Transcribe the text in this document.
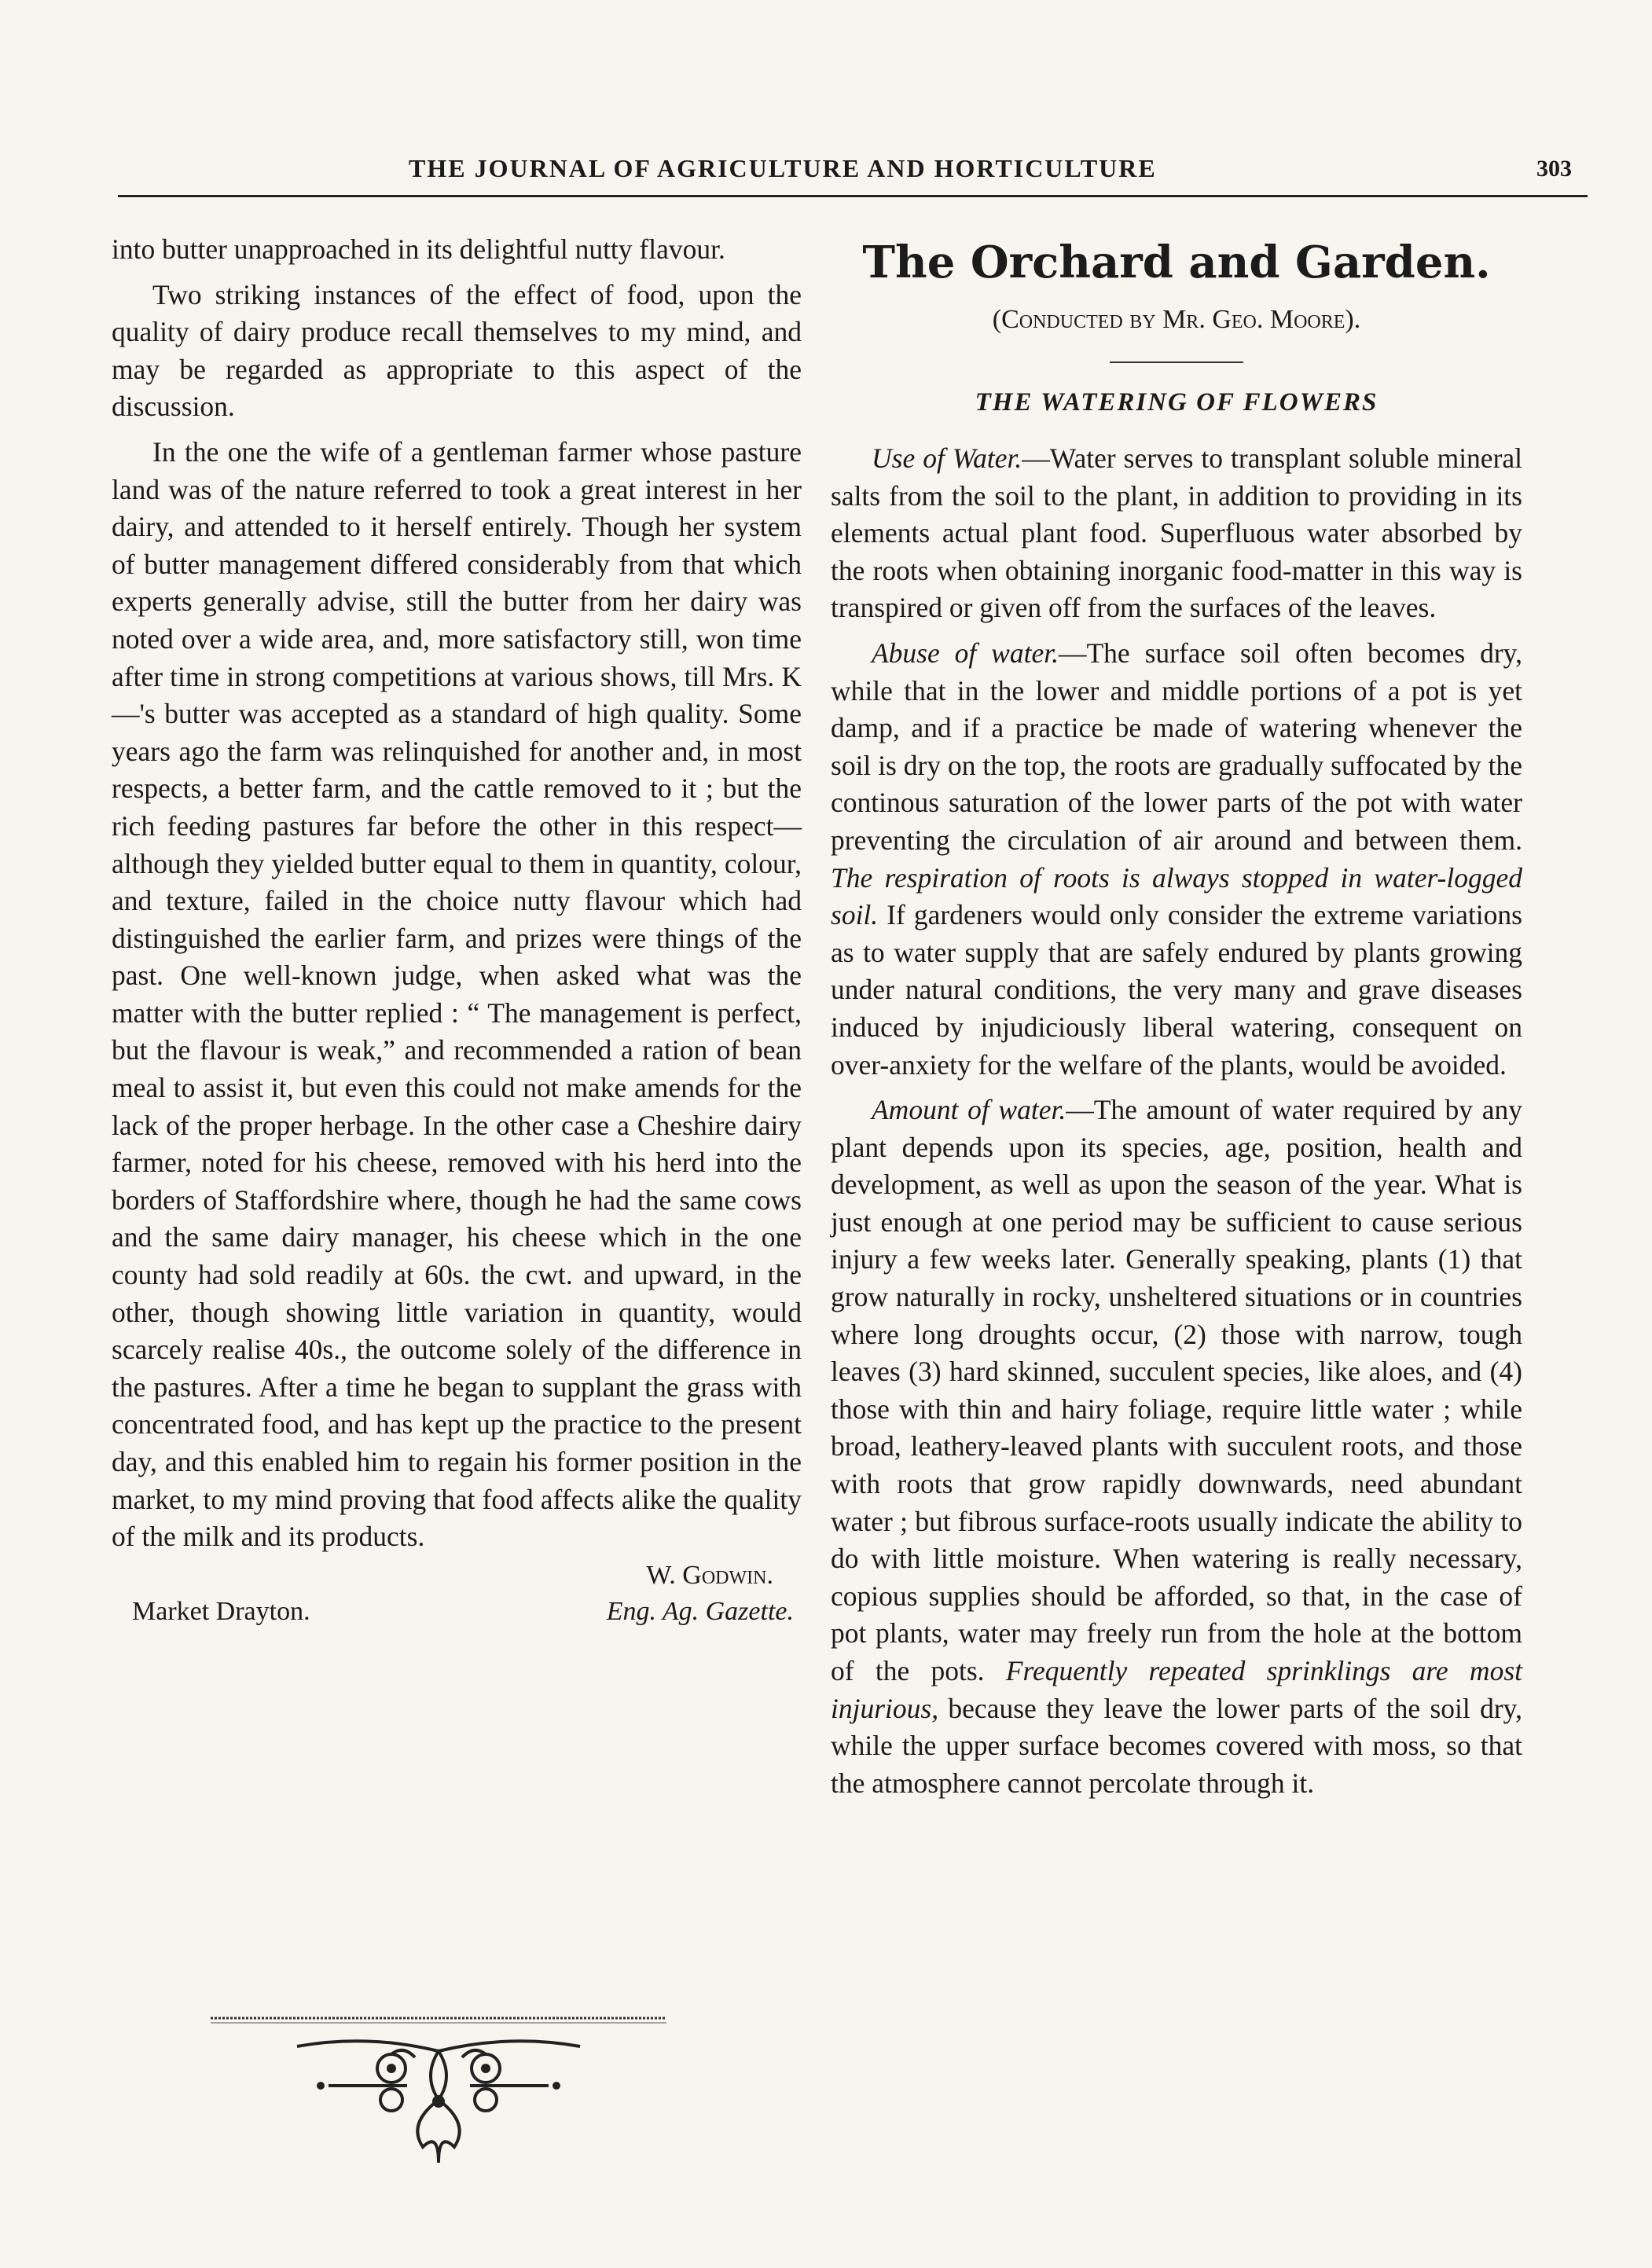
THE JOURNAL OF AGRICULTURE AND HORTICULTURE	303

into butter unapproached in its delightful nutty flavour.

Two striking instances of the effect of food, upon the quality of dairy produce recall themselves to my mind, and may be regarded as appropriate to this aspect of the discussion.

In the one the wife of a gentleman farmer whose pasture land was of the nature referred to took a great interest in her dairy, and attended to it herself entirely. Though her system of butter management differed considerably from that which experts generally advise, still the butter from her dairy was noted over a wide area, and, more satisfactory still, won time after time in strong competitions at various shows, till Mrs. K—'s butter was accepted as a standard of high quality. Some years ago the farm was relinquished for another and, in most respects, a better farm, and the cattle removed to it ; but the rich feeding pastures far before the other in this respect—although they yielded butter equal to them in quantity, colour, and texture, failed in the choice nutty flavour which had distinguished the earlier farm, and prizes were things of the past. One well-known judge, when asked what was the matter with the butter replied : “ The management is perfect, but the flavour is weak,” and recommended a ration of bean meal to assist it, but even this could not make amends for the lack of the proper herbage. In the other case a Cheshire dairy farmer, noted for his cheese, removed with his herd into the borders of Staffordshire where, though he had the same cows and the same dairy manager, his cheese which in the one county had sold readily at 60s. the cwt. and upward, in the other, though showing little variation in quantity, would scarcely realise 40s., the outcome solely of the difference in the pastures. After a time he began to supplant the grass with concentrated food, and has kept up the practice to the present day, and this enabled him to regain his former position in the market, to my mind proving that food affects alike the quality of the milk and its products.

W. Godwin.
Market Drayton.	Eng. Ag. Gazette.
The Orchard and Garden.
(Conducted by Mr. Geo. Moore).
THE WATERING OF FLOWERS

Use of Water.—Water serves to transplant soluble mineral salts from the soil to the plant, in addition to providing in its elements actual plant food. Superfluous water absorbed by the roots when obtaining inorganic food-matter in this way is transpired or given off from the surfaces of the leaves.

Abuse of water.—The surface soil often becomes dry, while that in the lower and middle portions of a pot is yet damp, and if a practice be made of watering whenever the soil is dry on the top, the roots are gradually suffocated by the continous saturation of the lower parts of the pot with water preventing the circulation of air around and between them. The respiration of roots is always stopped in water-logged soil. If gardeners would only consider the extreme variations as to water supply that are safely endured by plants growing under natural conditions, the very many and grave diseases induced by injudiciously liberal watering, consequent on over-anxiety for the welfare of the plants, would be avoided.

Amount of water.—The amount of water required by any plant depends upon its species, age, position, health and development, as well as upon the season of the year. What is just enough at one period may be sufficient to cause serious injury a few weeks later. Generally speaking, plants (1) that grow naturally in rocky, unsheltered situations or in countries where long droughts occur, (2) those with narrow, tough leaves (3) hard skinned, succulent species, like aloes, and (4) those with thin and hairy foliage, require little water ; while broad, leathery-leaved plants with succulent roots, and those with roots that grow rapidly downwards, need abundant water ; but fibrous surface-roots usually indicate the ability to do with little moisture. When watering is really necessary, copious supplies should be afforded, so that, in the case of pot plants, water may freely run from the hole at the bottom of the pots. Frequently repeated sprinklings are most injurious, because they leave the lower parts of the soil dry, while the upper surface becomes covered with moss, so that the atmosphere cannot percolate through it.
